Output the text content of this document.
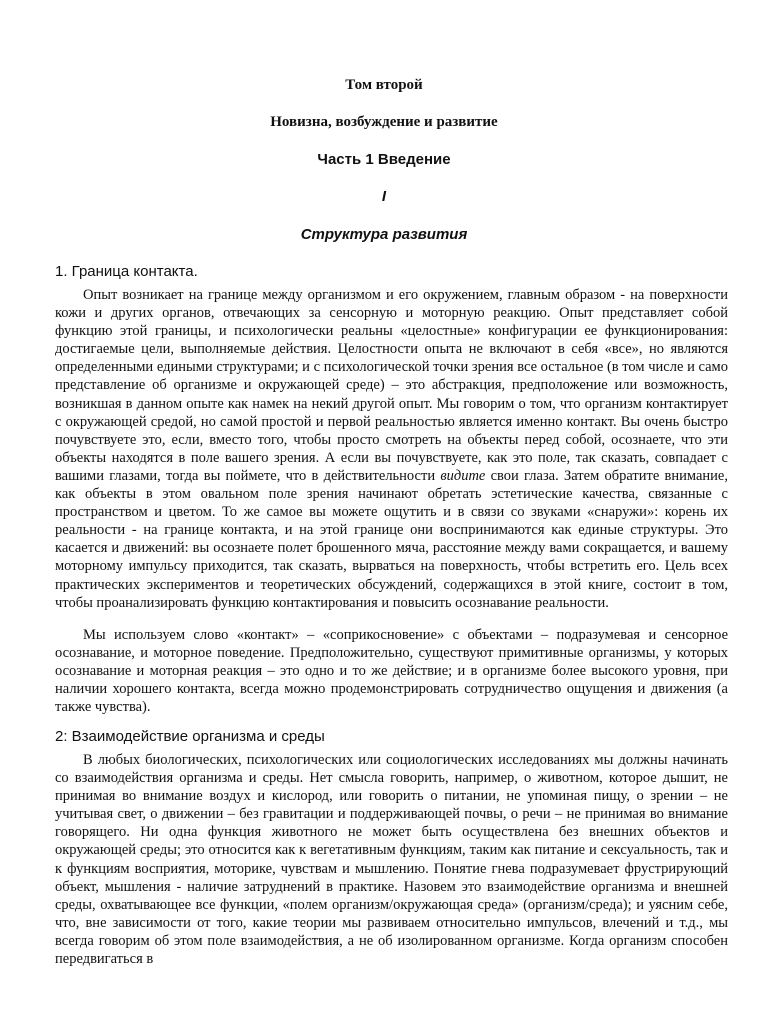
Том второй
Новизна, возбуждение и развитие
Часть 1 Введение
I
Структура развития
1. Граница контакта.

Опыт возникает на границе между организмом и его окружением, главным образом - на поверхности кожи и других органов, отвечающих за сенсорную и моторную реакцию. Опыт представляет собой функцию этой границы, и психологически реальны «целостные» конфигурации ее функционирования: достигаемые цели, выполняемые действия. Целостности опыта не включают в себя «все», но являются определенными едиными структурами; и с психологической точки зрения все остальное (в том числе и само представление об организме и окружающей среде) – это абстракция, предположение или возможность, возникшая в данном опыте как намек на некий другой опыт. Мы говорим о том, что организм контактирует с окружающей средой, но самой простой и первой реальностью является именно контакт. Вы очень быстро почувствуете это, если, вместо того, чтобы просто смотреть на объекты перед собой, осознаете, что эти объекты находятся в поле вашего зрения. А если вы почувствуете, как это поле, так сказать, совпадает с вашими глазами, тогда вы поймете, что в действительности видите свои глаза. Затем обратите внимание, как объекты в этом овальном поле зрения начинают обретать эстетические качества, связанные с пространством и цветом. То же самое вы можете ощутить и в связи со звуками «снаружи»: корень их реальности - на границе контакта, и на этой границе они воспринимаются как единые структуры. Это касается и движений: вы осознаете полет брошенного мяча, расстояние между вами сокращается, и вашему моторному импульсу приходится, так сказать, вырваться на поверхность, чтобы встретить его. Цель всех практических экспериментов и теоретических обсуждений, содержащихся в этой книге, состоит в том, чтобы проанализировать функцию контактирования и повысить осознавание реальности.

Мы используем слово «контакт» – «соприкосновение» с объектами – подразумевая и сенсорное осознавание, и моторное поведение. Предположительно, существуют примитивные организмы, у которых осознавание и моторная реакция – это одно и то же действие; и в организме более высокого уровня, при наличии хорошего контакта, всегда можно продемонстрировать сотрудничество ощущения и движения (а также чувства).

2: Взаимодействие организма и среды

В любых биологических, психологических или социологических исследованиях мы должны начинать со взаимодействия организма и среды. Нет смысла говорить, например, о животном, которое дышит, не принимая во внимание воздух и кислород, или говорить о питании, не упоминая пищу, о зрении – не учитывая свет, о движении – без гравитации и поддерживающей почвы, о речи – не принимая во внимание говорящего. Ни одна функция животного не может быть осуществлена без внешних объектов и окружающей среды; это относится как к вегетативным функциям, таким как питание и сексуальность, так и к функциям восприятия, моторике, чувствам и мышлению. Понятие гнева подразумевает фрустрирующий объект, мышления - наличие затруднений в практике. Назовем это взаимодействие организма и внешней среды, охватывающее все функции, «полем организм/окружающая среда» (организм/среда); и уясним себе, что, вне зависимости от того, какие теории мы развиваем относительно импульсов, влечений и т.д., мы всегда говорим об этом поле взаимодействия, а не об изолированном организме. Когда организм способен передвигаться в
